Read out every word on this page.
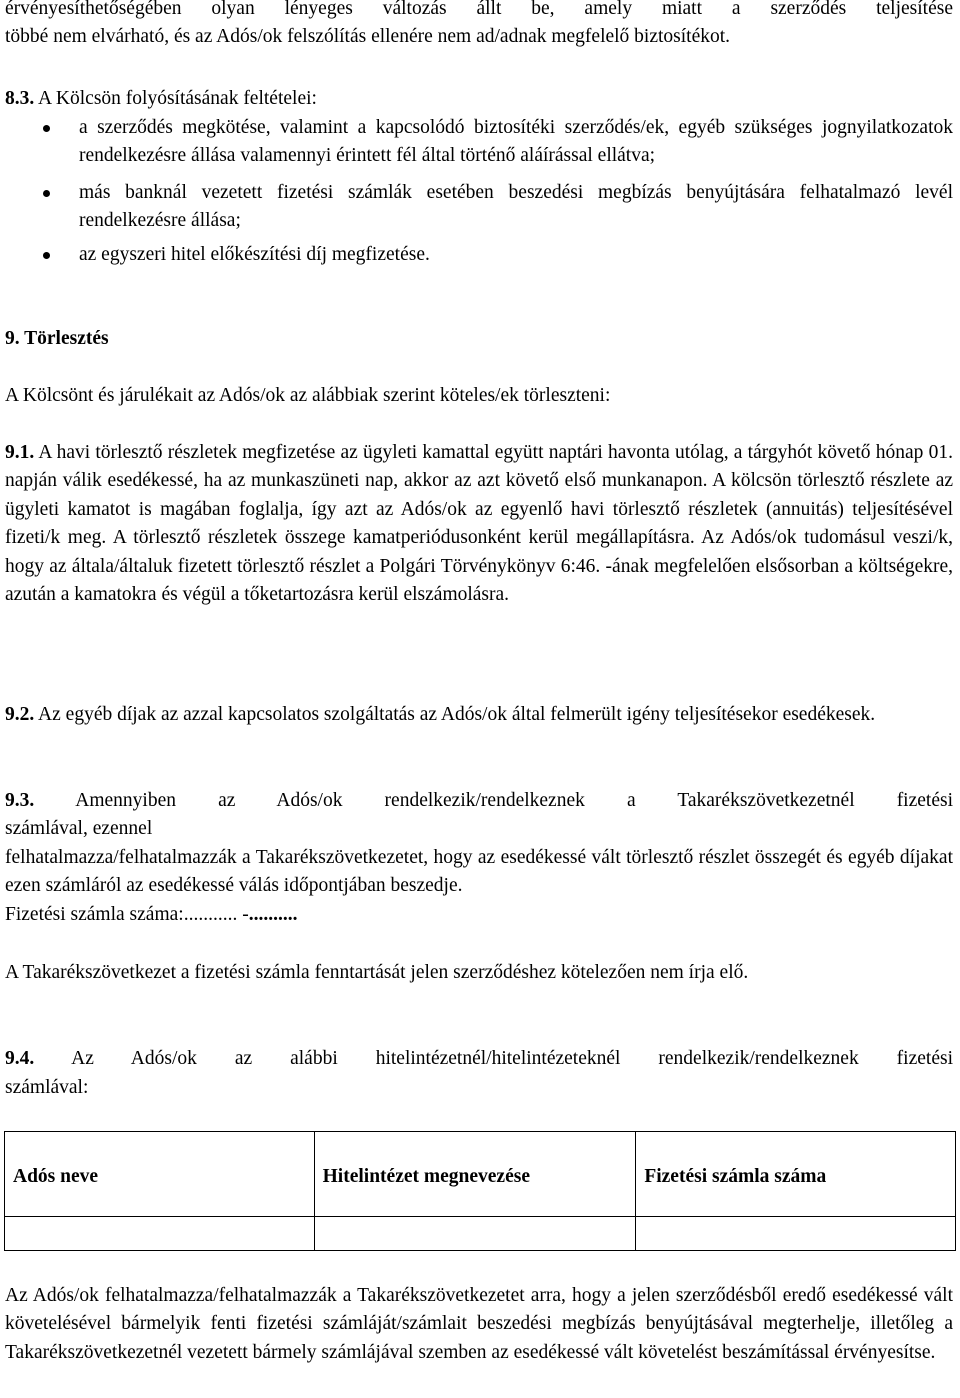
érvényesíthetőségében olyan lényeges változás állt be, amely miatt a szerződés teljesítése

többé nem elvárható, és az Adós/ok felszólítás ellenére nem ad/adnak megfelelő biztosítékot.

8.3. A Kölcsön folyósításának feltételei:

a szerződés megkötése, valamint a kapcsolódó biztosítéki szerződés/ek, egyéb szükséges jognyilatkozatok rendelkezésre állása valamennyi érintett fél által történő aláírással ellátva;
más banknál vezetett fizetési számlák esetében beszedési megbízás benyújtására felhatalmazó levél rendelkezésre állása;
az egyszeri hitel előkészítési díj megfizetése.

9. Törlesztés

A Kölcsönt és járulékait az Adós/ok az alábbiak szerint köteles/ek törleszteni:

9.1. A havi törlesztő részletek megfizetése az ügyleti kamattal együtt naptári havonta utólag, a tárgyhót követő hónap 01. napján válik esedékessé, ha az munkaszüneti nap, akkor az azt követő első munkanapon. A kölcsön törlesztő részlete az ügyleti kamatot is magában foglalja, így azt az Adós/ok az egyenlő havi törlesztő részletek (annuitás) teljesítésével fizeti/k meg. A törlesztő részletek összege kamatperiódusonként kerül megállapításra. Az Adós/ok tudomásul veszi/k, hogy az általa/általuk fizetett törlesztő részlet a Polgári Törvénykönyv 6:46. -ának megfelelően elsősorban a költségekre, azután a kamatokra és végül a tőketartozásra kerül elszámolásra.

9.2. Az egyéb díjak az azzal kapcsolatos szolgáltatás az Adós/ok által felmerült igény teljesítésekor esedékesek.

9.3. Amennyiben az Adós/ok rendelkezik/rendelkeznek a Takarékszövetkezetnél fizetési

számlával, ezennel

felhatalmazza/felhatalmazzák a Takarékszövetkezetet, hogy az esedékessé vált törlesztő részlet összegét és egyéb díjakat ezen számláról az esedékessé válás időpontjában beszedje.

Fizetési számla száma:........... -..........

A Takarékszövetkezet a fizetési számla fenntartását jelen szerződéshez kötelezően nem írja elő.

9.4. Az Adós/ok az alábbi hitelintézetnél/hitelintézeteknél rendelkezik/rendelkeznek fizetési

számlával:

Adós neve	Hitelintézet megnevezése	Fizetési számla száma

Az Adós/ok felhatalmazza/felhatalmazzák a Takarékszövetkezetet arra, hogy a jelen szerződésből eredő esedékessé vált követelésével bármelyik fenti fizetési számláját/számlait beszedési megbízás benyújtásával megterhelje, illetőleg a Takarékszövetkezetnél vezetett bármely számlájával szemben az esedékessé vált követelést beszámítással érvényesítse.
